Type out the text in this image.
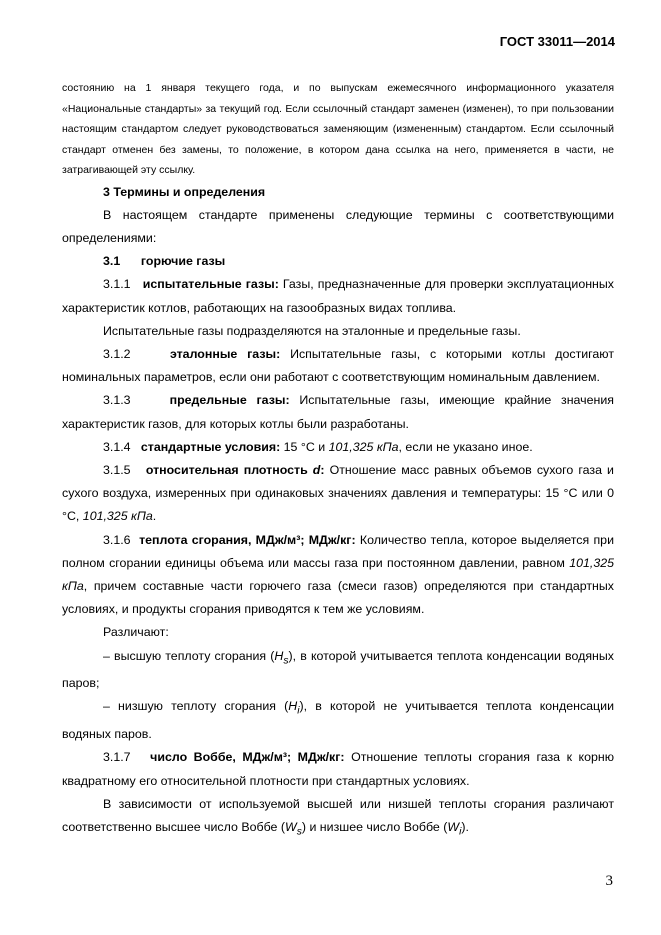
ГОСТ 33011—2014

состоянию на 1 января текущего года, и по выпускам ежемесячного информационного указателя «Национальные стандарты» за текущий год. Если ссылочный стандарт заменен (изменен), то при пользовании настоящим стандартом следует руководствоваться заменяющим (измененным) стандартом. Если ссылочный стандарт отменен без замены, то положение, в котором дана ссылка на него, применяется в части, не затрагивающей эту ссылку.

3 Термины и определения

В настоящем стандарте применены следующие термины с соответствующими определениями:

3.1 горючие газы

3.1.1 испытательные газы: Газы, предназначенные для проверки эксплуатационных характеристик котлов, работающих на газообразных видах топлива.

Испытательные газы подразделяются на эталонные и предельные газы.

3.1.2	эталонные газы: Испытательные газы, с которыми котлы достигают номинальных параметров, если они работают с соответствующим номинальным давлением.

3.1.3	предельные газы: Испытательные газы, имеющие крайние значения характеристик газов, для которых котлы были разработаны.

3.1.4 стандартные условия: 15 °C и 101,325 кПа, если не указано иное.

3.1.5 относительная плотность d: Отношение масс равных объемов сухого газа и сухого воздуха, измеренных при одинаковых значениях давления и температуры: 15 °C или 0 °C, 101,325 кПа.

3.1.6 теплота сгорания, МДж/м³; МДж/кг: Количество тепла, которое выделяется при полном сгорании единицы объема или массы газа при постоянном давлении, равном 101,325 кПа, причем составные части горючего газа (смеси газов) определяются при стандартных условиях, и продукты сгорания приводятся к тем же условиям.

Различают:

– высшую теплоту сгорания $(H_s)$, в которой учитывается теплота конденсации водяных паров;

– низшую теплоту сгорания $(H_i)$, в которой не учитывается теплота конденсации водяных паров.

3.1.7 число Воббе, МДж/м³; МДж/кг: Отношение теплоты сгорания газа к корню квадратному его относительной плотности при стандартных условиях.

В зависимости от используемой высшей или низшей теплоты сгорания различают соответственно высшее число Воббе $(W_s)$ и низшее число Воббе $(W_i)$.

3
